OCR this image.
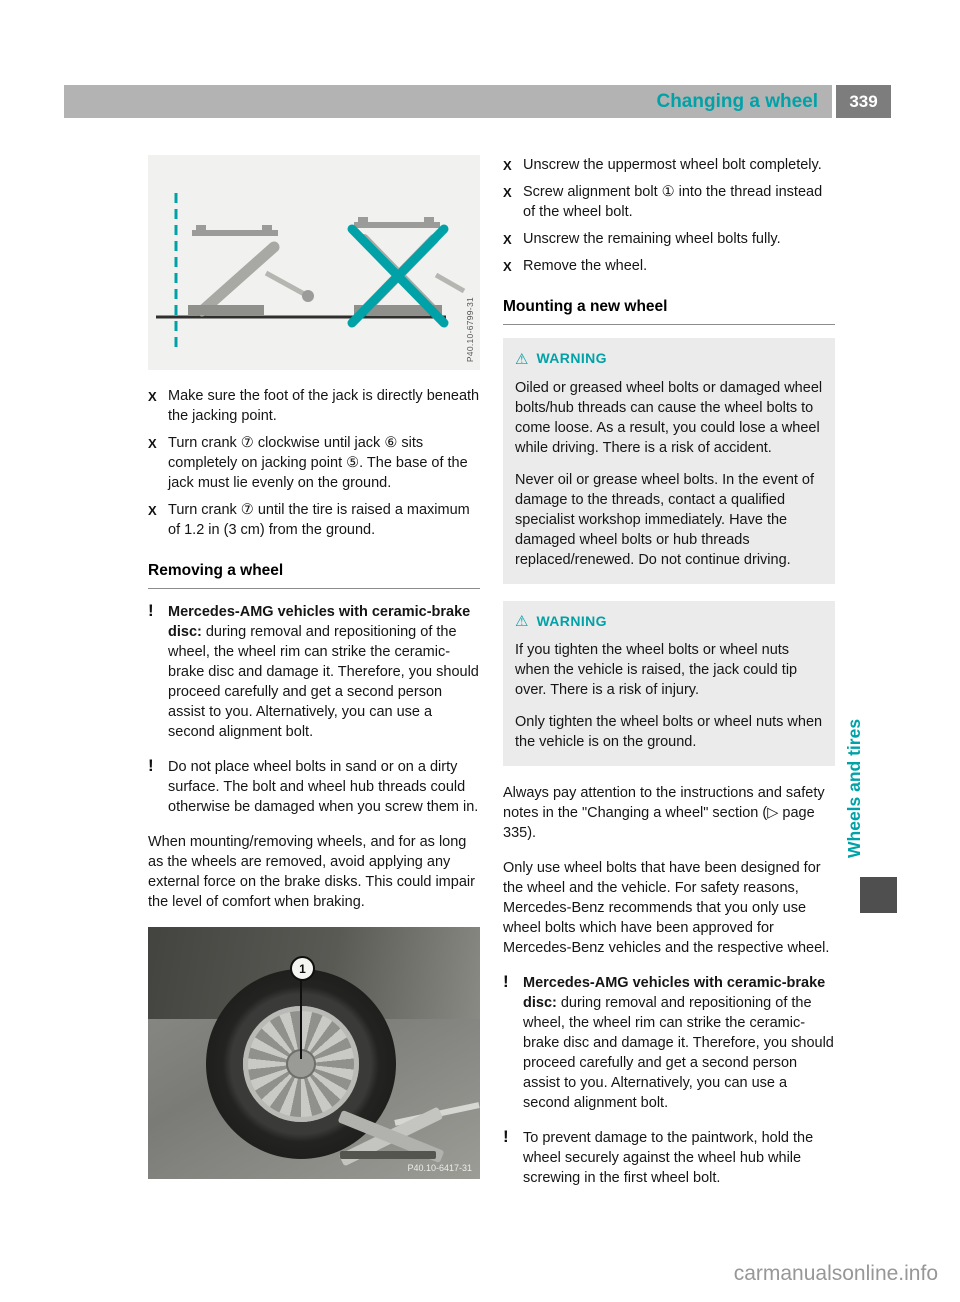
Changing a wheel	339
P40.10-6799-31
X Make sure the foot of the jack is directly beneath the jacking point.
X Turn crank ⑦ clockwise until jack ⑥ sits completely on jacking point ⑤. The base of the jack must lie evenly on the ground.
X Turn crank ⑦ until the tire is raised a maximum of 1.2 in (3 cm) from the ground.
Removing a wheel
! Mercedes-AMG vehicles with ceramic-brake disc: during removal and repositioning of the wheel, the wheel rim can strike the ceramic-brake disc and damage it. Therefore, you should proceed carefully and get a second person assist to you. Alternatively, you can use a second alignment bolt.
! Do not place wheel bolts in sand or on a dirty surface. The bolt and wheel hub threads could otherwise be damaged when you screw them in.

When mounting/removing wheels, and for as long as the wheels are removed, avoid applying any external force on the brake disks. This could impair the level of comfort when braking.

1
P40.10-6417-31
X Unscrew the uppermost wheel bolt completely.
X Screw alignment bolt ① into the thread instead of the wheel bolt.
X Unscrew the remaining wheel bolts fully.
X Remove the wheel.
Mounting a new wheel
⚠ WARNING

Oiled or greased wheel bolts or damaged wheel bolts/hub threads can cause the wheel bolts to come loose. As a result, you could lose a wheel while driving. There is a risk of accident.

Never oil or grease wheel bolts. In the event of damage to the threads, contact a qualified specialist workshop immediately. Have the damaged wheel bolts or hub threads replaced/renewed. Do not continue driving.

⚠ WARNING

If you tighten the wheel bolts or wheel nuts when the vehicle is raised, the jack could tip over. There is a risk of injury.

Only tighten the wheel bolts or wheel nuts when the vehicle is on the ground.

Always pay attention to the instructions and safety notes in the "Changing a wheel" section (▷ page 335).

Only use wheel bolts that have been designed for the wheel and the vehicle. For safety reasons, Mercedes-Benz recommends that you only use wheel bolts which have been approved for Mercedes-Benz vehicles and the respective wheel.

! Mercedes-AMG vehicles with ceramic-brake disc: during removal and repositioning of the wheel, the wheel rim can strike the ceramic-brake disc and damage it. Therefore, you should proceed carefully and get a second person assist to you. Alternatively, you can use a second alignment bolt.
! To prevent damage to the paintwork, hold the wheel securely against the wheel hub while screwing in the first wheel bolt.
Wheels and tires
carmanualsonline.info
